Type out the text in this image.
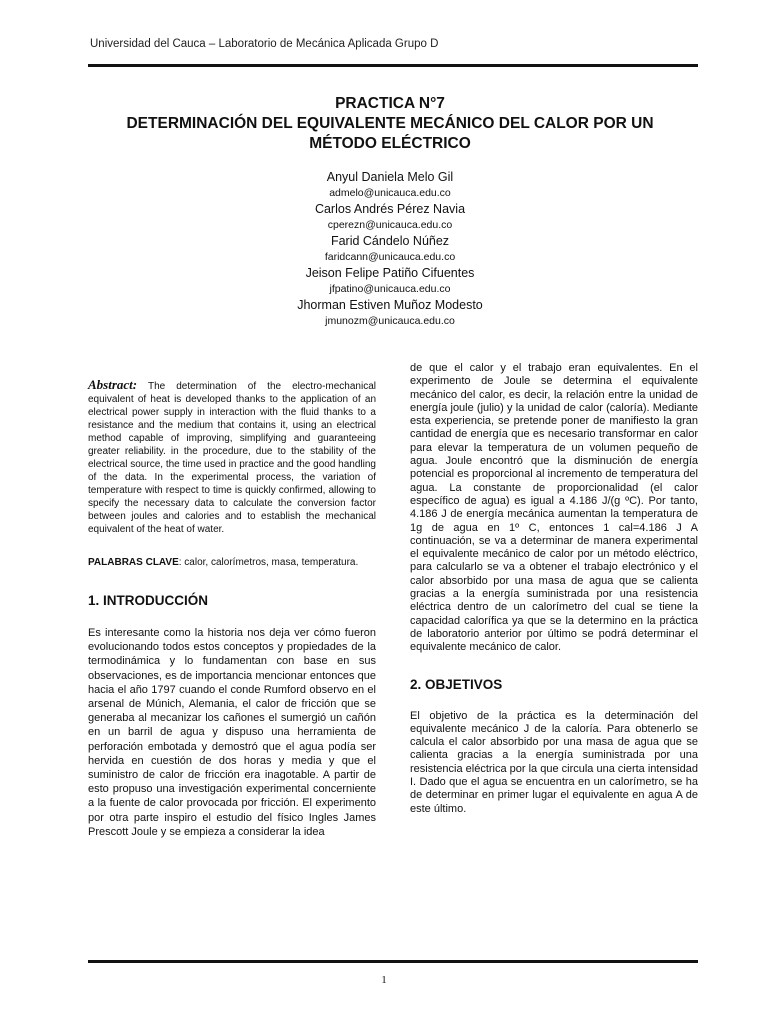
Universidad del Cauca – Laboratorio de Mecánica Aplicada Grupo D
PRACTICA N°7
DETERMINACIÓN DEL EQUIVALENTE MECÁNICO DEL CALOR POR UN
MÉTODO ELÉCTRICO
Anyul Daniela Melo Gil
admelo@unicauca.edu.co
Carlos Andrés Pérez Navia
cperezn@unicauca.edu.co
Farid Cándelo Núñez
faridcann@unicauca.edu.co
Jeison Felipe Patiño Cifuentes
jfpatino@unicauca.edu.co
Jhorman Estiven Muñoz Modesto
jmunozm@unicauca.edu.co
Abstract: The determination of the electro-mechanical equivalent of heat is developed thanks to the application of an electrical power supply in interaction with the fluid thanks to a resistance and the medium that contains it, using an electrical method capable of improving, simplifying and guaranteeing greater reliability. in the procedure, due to the stability of the electrical source, the time used in practice and the good handling of the data. In the experimental process, the variation of temperature with respect to time is quickly confirmed, allowing to specify the necessary data to calculate the conversion factor between joules and calories and to establish the mechanical equivalent of the heat of water.
PALABRAS CLAVE: calor, calorímetros, masa, temperatura.
1. INTRODUCCIÓN
Es interesante como la historia nos deja ver cómo fueron evolucionando todos estos conceptos y propiedades de la termodinámica y lo fundamentan con base en sus observaciones, es de importancia mencionar entonces que hacia el año 1797 cuando el conde Rumford observo en el arsenal de Múnich, Alemania, el calor de fricción que se generaba al mecanizar los cañones el sumergió un cañón en un barril de agua y dispuso una herramienta de perforación embotada y demostró que el agua podía ser hervida en cuestión de dos horas y media y que el suministro de calor de fricción era inagotable. A partir de esto propuso una investigación experimental concerniente a la fuente de calor provocada por fricción. El experimento por otra parte inspiro el estudio del físico Ingles James Prescott Joule y se empieza a considerar la idea
de que el calor y el trabajo eran equivalentes. En el experimento de Joule se determina el equivalente mecánico del calor, es decir, la relación entre la unidad de energía joule (julio) y la unidad de calor (caloría). Mediante esta experiencia, se pretende poner de manifiesto la gran cantidad de energía que es necesario transformar en calor para elevar la temperatura de un volumen pequeño de agua. Joule encontró que la disminución de energía potencial es proporcional al incremento de temperatura del agua. La constante de proporcionalidad (el calor específico de agua) es igual a 4.186 J/(g ºC). Por tanto, 4.186 J de energía mecánica aumentan la temperatura de 1g de agua en 1º C, entonces 1 cal=4.186 J A continuación, se va a determinar de manera experimental el equivalente mecánico de calor por un método eléctrico, para calcularlo se va a obtener el trabajo electrónico y el calor absorbido por una masa de agua que se calienta gracias a la energía suministrada por una resistencia eléctrica dentro de un calorímetro del cual se tiene la capacidad calorífica ya que se la determino en la práctica de laboratorio anterior por último se podrá determinar el equivalente mecánico de calor.
2. OBJETIVOS
El objetivo de la práctica es la determinación del equivalente mecánico J de la caloría. Para obtenerlo se calcula el calor absorbido por una masa de agua que se calienta gracias a la energía suministrada por una resistencia eléctrica por la que circula una cierta intensidad I. Dado que el agua se encuentra en un calorímetro, se ha de determinar en primer lugar el equivalente en agua A de este último.
1
